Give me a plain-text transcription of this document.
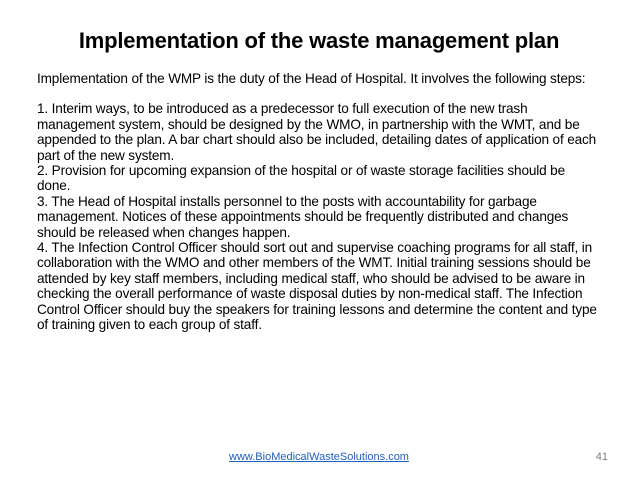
Implementation of the waste management plan

Implementation of the WMP is the duty of the Head of Hospital. It involves the following steps:

1. Interim ways, to be introduced as a predecessor to full execution of the new trash management system, should be designed by the WMO, in partnership with the WMT, and be appended to the plan. A bar chart should also be included, detailing dates of application of each part of the new system.

2. Provision for upcoming expansion of the hospital or of waste storage facilities should be done.

3. The Head of Hospital installs personnel to the posts with accountability for garbage management. Notices of these appointments should be frequently distributed and changes should be released when changes happen.

4. The Infection Control Officer should sort out and supervise coaching programs for all staff, in collaboration with the WMO and other members of the WMT. Initial training sessions should be attended by key staff members, including medical staff, who should be advised to be aware in checking the overall performance of waste disposal duties by non-medical staff. The Infection Control Officer should buy the speakers for training lessons and determine the content and type of training given to each group of staff.

www.BioMedicalWasteSolutions.com	41
